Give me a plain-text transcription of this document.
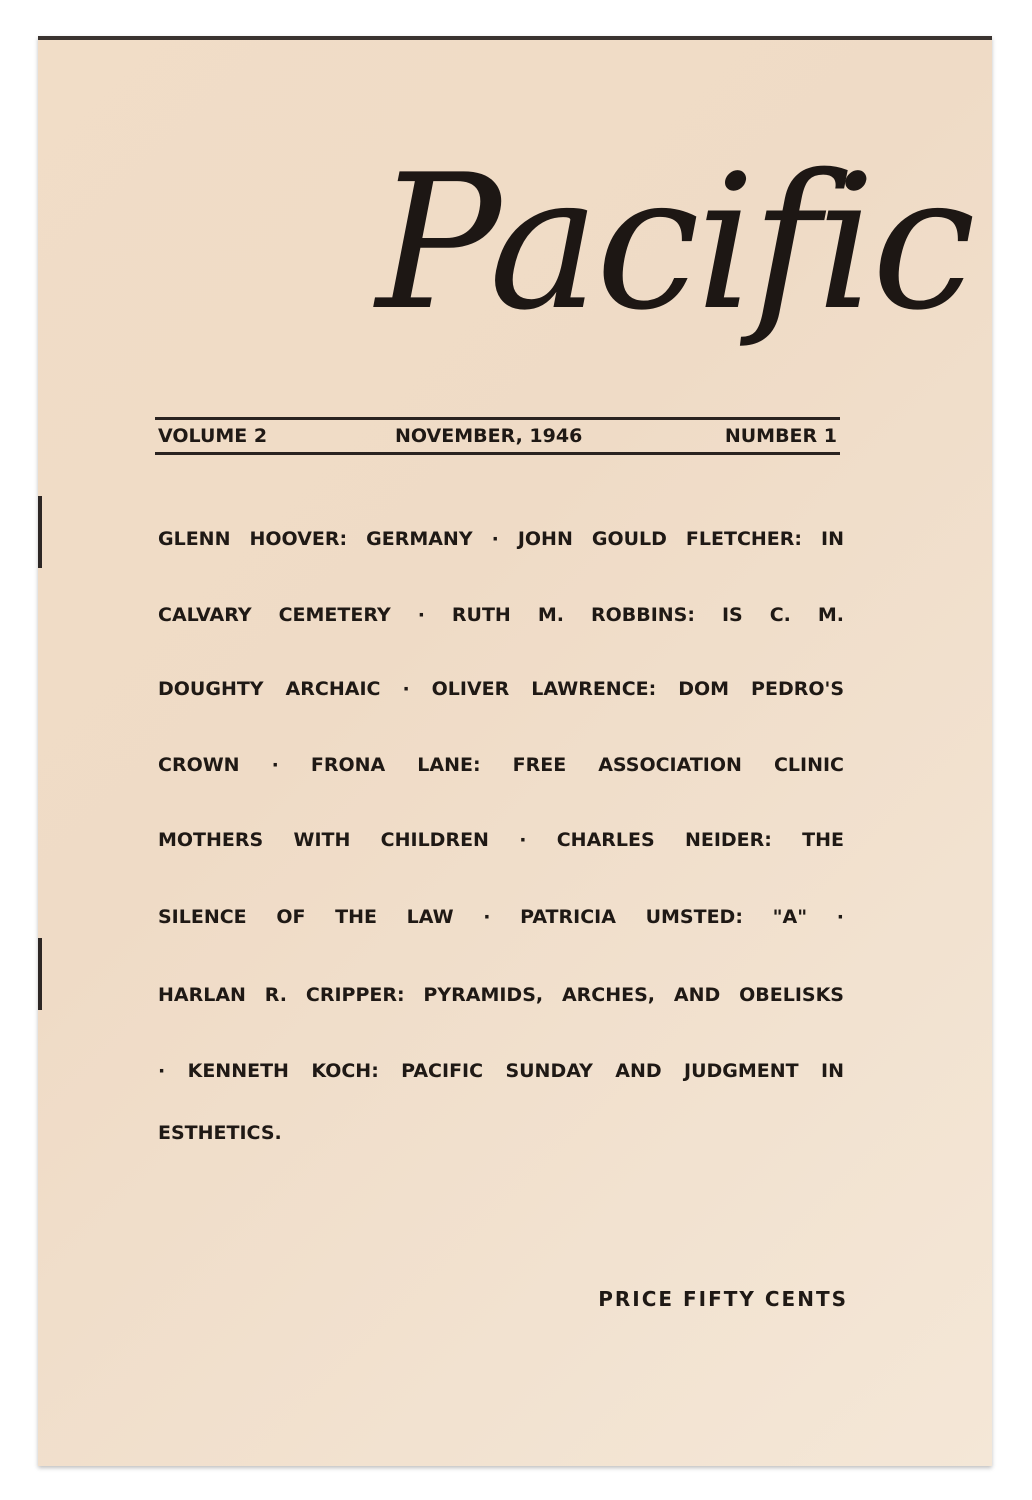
Pacific
VOLUME 2	NOVEMBER, 1946	NUMBER 1
GLENN HOOVER: GERMANY · JOHN GOULD FLETCHER: IN
CALVARY CEMETERY · RUTH M. ROBBINS: IS C. M.
DOUGHTY ARCHAIC · OLIVER LAWRENCE: DOM PEDRO'S
CROWN · FRONA LANE: FREE ASSOCIATION CLINIC
MOTHERS WITH CHILDREN · CHARLES NEIDER: THE
SILENCE OF THE LAW · PATRICIA UMSTED: "A" ·
HARLAN R. CRIPPER: PYRAMIDS, ARCHES, AND OBELISKS
· KENNETH KOCH: PACIFIC SUNDAY AND JUDGMENT IN
ESTHETICS.
PRICE FIFTY CENTS
